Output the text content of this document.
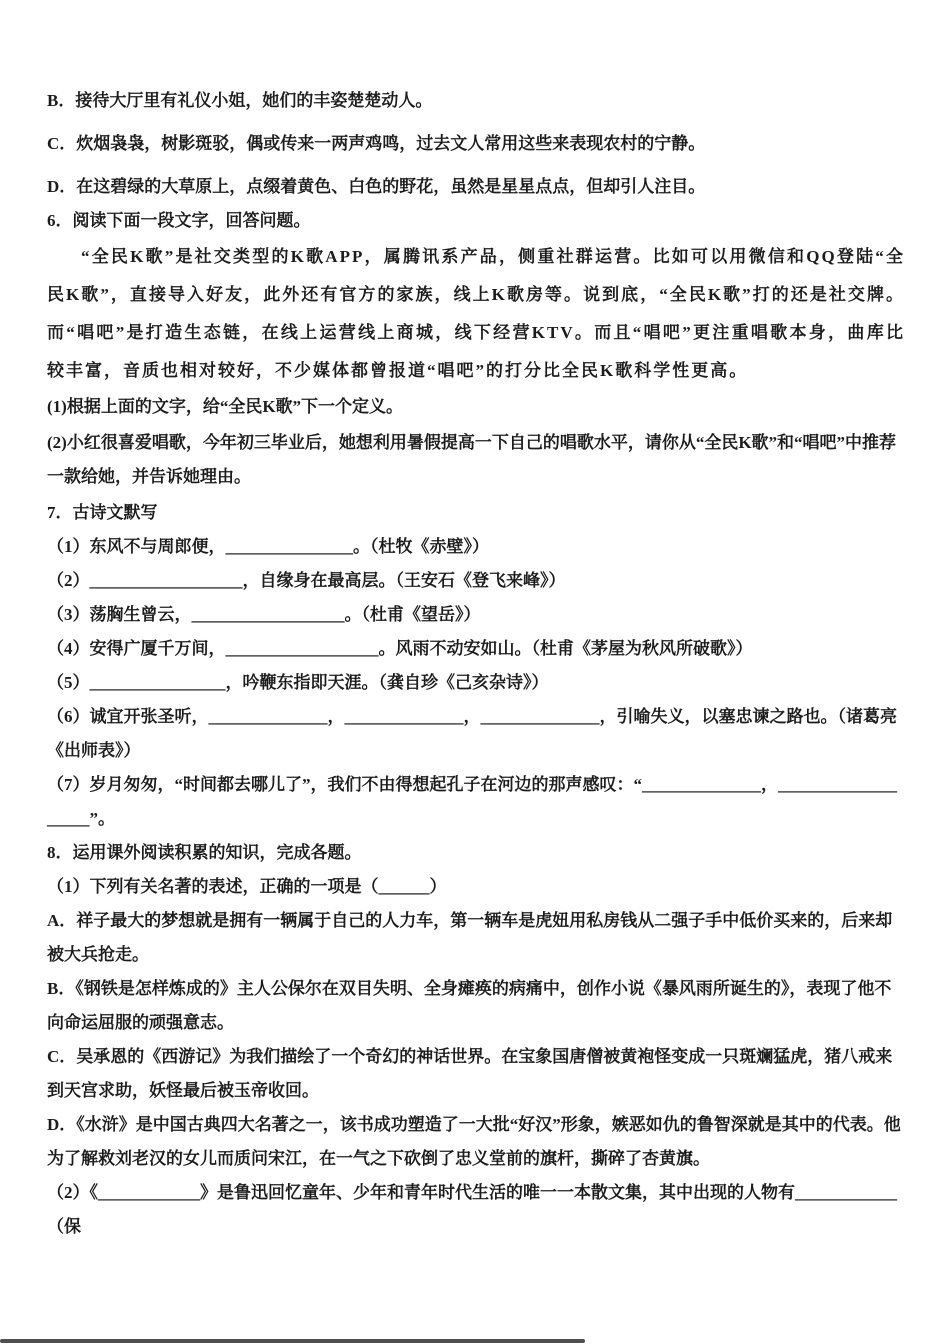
B．接待大厅里有礼仪小姐，她们的丰姿楚楚动人。

C．炊烟袅袅，树影斑驳，偶或传来一两声鸡鸣，过去文人常用这些来表现农村的宁静。

D．在这碧绿的大草原上，点缀着黄色、白色的野花，虽然是星星点点，但却引人注目。

6．阅读下面一段文字，回答问题。

“全民K歌”是社交类型的K歌APP，属腾讯系产品，侧重社群运营。比如可以用微信和QQ登陆“全民K歌”，直接导入好友，此外还有官方的家族，线上K歌房等。说到底，“全民K歌”打的还是社交牌。而“唱吧”是打造生态链，在线上运营线上商城，线下经营KTV。而且“唱吧”更注重唱歌本身，曲库比较丰富，音质也相对较好，不少媒体都曾报道“唱吧”的打分比全民K歌科学性更高。

(1)根据上面的文字，给“全民K歌”下一个定义。

(2)小红很喜爱唱歌，今年初三毕业后，她想利用暑假提高一下自己的唱歌水平，请你从“全民K歌”和“唱吧”中推荐一款给她，并告诉她理由。

7．古诗文默写

（1）东风不与周郎便，_______________。（杜牧《赤壁》）

（2）__________________，自缘身在最高层。（王安石《登飞来峰》）

（3）荡胸生曾云，__________________。（杜甫《望岳》）

（4）安得广厦千万间，__________________。风雨不动安如山。（杜甫《茅屋为秋风所破歌》）

（5）________________，吟鞭东指即天涯。（龚自珍《己亥杂诗》）

（6）诚宜开张圣听，______________，______________，______________，引喻失义，以塞忠谏之路也。（诸葛亮《出师表》）

（7）岁月匆匆，“时间都去哪儿了”，我们不由得想起孔子在河边的那声感叹：“______________，___________________”。

8．运用课外阅读积累的知识，完成各题。

（1）下列有关名著的表述，正确的一项是（______）

A．祥子最大的梦想就是拥有一辆属于自己的人力车，第一辆车是虎妞用私房钱从二强子手中低价买来的，后来却被大兵抢走。

B．《钢铁是怎样炼成的》主人公保尔在双目失明、全身瘫痪的病痛中，创作小说《暴风雨所诞生的》，表现了他不向命运屈服的顽强意志。

C．吴承恩的《西游记》为我们描绘了一个奇幻的神话世界。在宝象国唐僧被黄袍怪变成一只斑斓猛虎，猪八戒来到天宫求助，妖怪最后被玉帝收回。

D．《水浒》是中国古典四大名著之一，该书成功塑造了一大批“好汉”形象，嫉恶如仇的鲁智深就是其中的代表。他为了解救刘老汉的女儿而质问宋江，在一气之下砍倒了忠义堂前的旗杆，撕碎了杏黄旗。

（2）《____________》是鲁迅回忆童年、少年和青年时代生活的唯一一本散文集，其中出现的人物有____________（保
